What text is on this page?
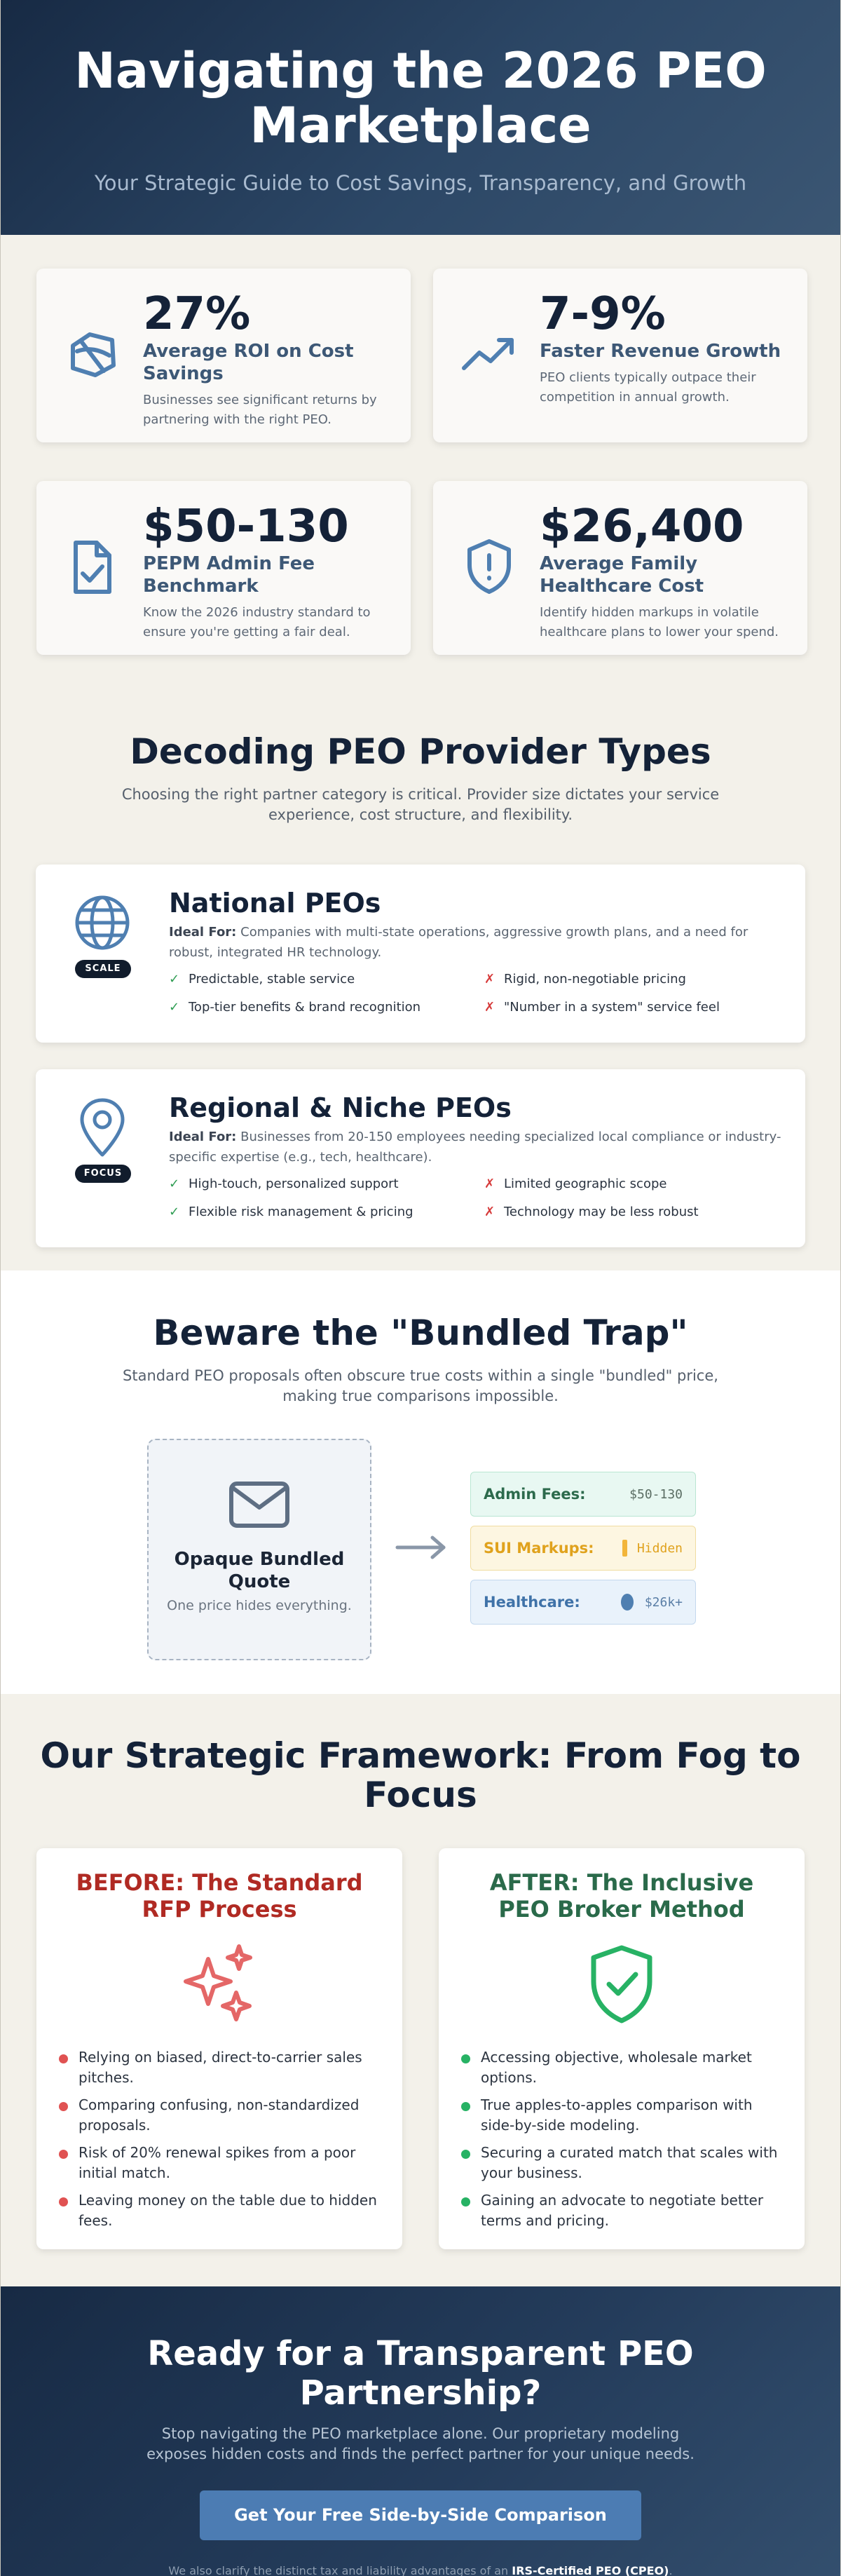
Navigating the 2026 PEO Marketplace

Your Strategic Guide to Cost Savings, Transparency, and Growth

27%
Average ROI on Cost Savings
Businesses see significant returns by partnering with the right PEO.
7-9%
Faster Revenue Growth
PEO clients typically outpace their competition in annual growth.
$50-130
PEPM Admin Fee Benchmark
Know the 2026 industry standard to ensure you're getting a fair deal.
$26,400
Average Family Healthcare Cost
Identify hidden markups in volatile healthcare plans to lower your spend.
Decoding PEO Provider Types

Choosing the right partner category is critical. Provider size dictates your service experience, cost structure, and flexibility.

SCALE
National PEOs
Ideal For: Companies with multi-state operations, aggressive growth plans, and a need for robust, integrated HR technology.
✓ Predictable, stable service	✗ Rigid, non-negotiable pricing
✓ Top-tier benefits & brand recognition	✗ "Number in a system" service feel
FOCUS
Regional & Niche PEOs
Ideal For: Businesses from 20-150 employees needing specialized local compliance or industry-specific expertise (e.g., tech, healthcare).
✓ High-touch, personalized support	✗ Limited geographic scope
✓ Flexible risk management & pricing	✗ Technology may be less robust
Beware the "Bundled Trap"

Standard PEO proposals often obscure true costs within a single "bundled" price, making true comparisons impossible.

Opaque Bundled Quote
One price hides everything.
Admin Fees:	$50-130
SUI Markups:	Hidden
Healthcare:	$26k+
Our Strategic Framework: From Fog to Focus
BEFORE: The Standard RFP Process
Relying on biased, direct-to-carrier sales pitches.
Comparing confusing, non-standardized proposals.
Risk of 20% renewal spikes from a poor initial match.
Leaving money on the table due to hidden fees.
AFTER: The Inclusive PEO Broker Method
Accessing objective, wholesale market options.
True apples-to-apples comparison with side-by-side modeling.
Securing a curated match that scales with your business.
Gaining an advocate to negotiate better terms and pricing.
Ready for a Transparent PEO Partnership?

Stop navigating the PEO marketplace alone. Our proprietary modeling exposes hidden costs and finds the perfect partner for your unique needs.

Get Your Free Side-by-Side Comparison

We also clarify the distinct tax and liability advantages of an IRS-Certified PEO (CPEO).
